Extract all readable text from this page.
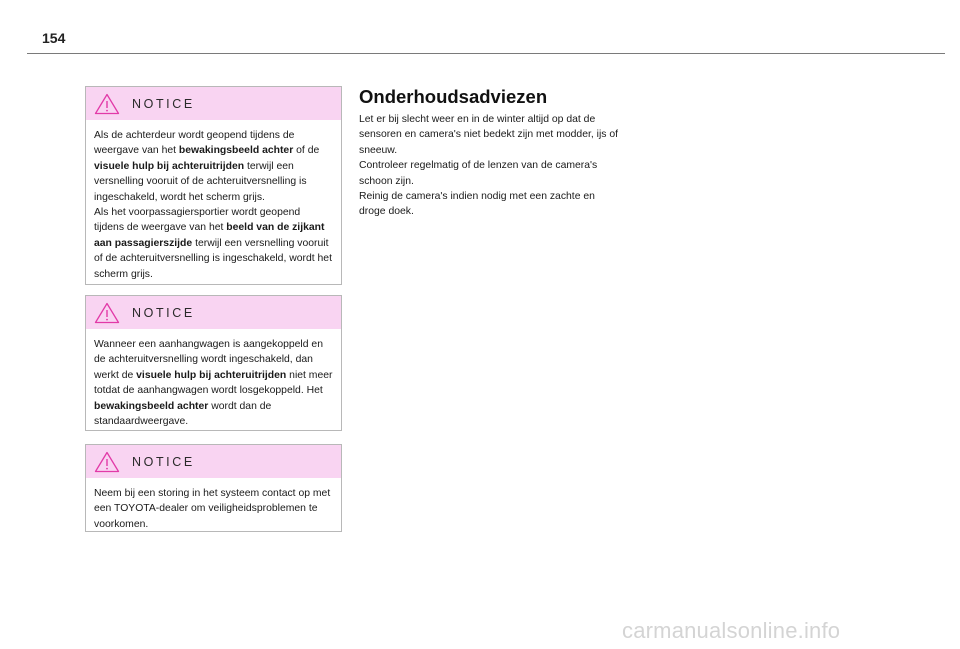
154
NOTICE
Als de achterdeur wordt geopend tijdens de weergave van het bewakingsbeeld achter of de visuele hulp bij achteruitrijden terwijl een versnelling vooruit of de achteruitversnelling is ingeschakeld, wordt het scherm grijs.
Als het voorpassagiersportier wordt geopend tijdens de weergave van het beeld van de zijkant aan passagierszijde terwijl een versnelling vooruit of de achteruitversnelling is ingeschakeld, wordt het scherm grijs.
NOTICE
Wanneer een aanhangwagen is aangekoppeld en de achteruitversnelling wordt ingeschakeld, dan werkt de visuele hulp bij achteruitrijden niet meer totdat de aanhangwagen wordt losgekoppeld. Het bewakingsbeeld achter wordt dan de standaardweergave.
NOTICE
Neem bij een storing in het systeem contact op met een TOYOTA-dealer om veiligheidsproblemen te voorkomen.
Onderhoudsadviezen

Let er bij slecht weer en in de winter altijd op dat de sensoren en camera's niet bedekt zijn met modder, ijs of sneeuw.

Controleer regelmatig of de lenzen van de camera's schoon zijn.

Reinig de camera's indien nodig met een zachte en droge doek.

carmanualsonline.info
